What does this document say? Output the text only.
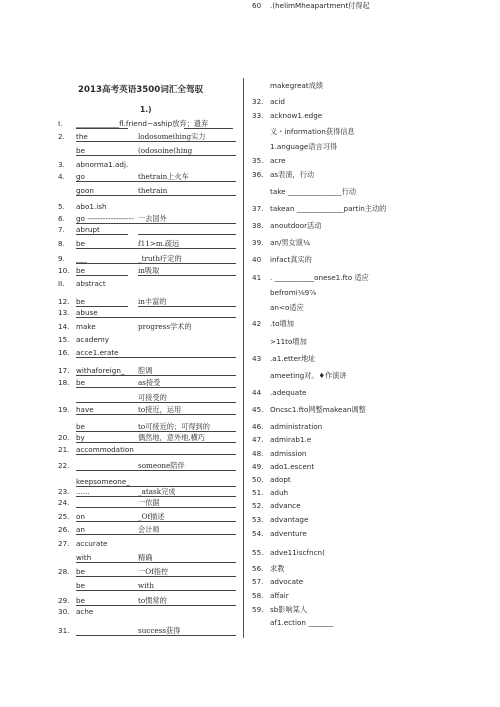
2013高考英语3500词汇全驾驭
1.)
I.	____________fl.friend~aship放弃；遗弃
2.	the	lodosomeihing实力
be	(odosoine(hing
3.	abnorma1.adj.
4.	go	thetrain上火车
goon	thetrain
5.	abo1.ish
6.	go ------------------ 一去国外
7.	abrupt
8.	be	f11>m.疏远
9.	___	_truth疗定的
10. be	in吸取
II.	abstract
12. be	in丰富的
13. abuse
14. make	progress学术的
15. academy
16. acce1.erate
17. withaforeign_ 腔调
18. be	as接受
可接受的
19. have	to接近，运用
be	to可接近的；可得到的
20. by	偶然地，意外地,横巧
21. accommodation
22.	someone陪伴
keepsomeone_
23. ......	_atask完成
24.	一依据
25. on	_Of描述
26. an	会计师
27. accurate
with	精确
28. be	一Of指控
be	with
29. be	to惯常的
30. ache
31.	success获得
makegreat成绩
32. acid
33. acknow1.edge
义・information获得信息
1.anguage语言习得
35. acre
36. as表演，行动
take _______________行动
37. takean _____________partin主动的
38. anoutdoor活动
39. an/男女演¼
40	infact真实的
41	. ___________onese1.fto 适应
befromi⅛9⅞
an<o适应
42	.to增加
>11to增加
43	.a1.etter地址
ameeting对。♦作演讲
44	.adequate
45. Oncsc1.fto网整makean调整
46. administration
47. admirab1.e
48. admission
49. ado1.escent
50. adopt
51. aduh
52. advance
53. advantage
54. adventure
55. adve11iscfncn(
56. 求教
57. advocate
58. affair
59. sb影响某人
af1.ection _______
60	.(helimMheapartment付得起
